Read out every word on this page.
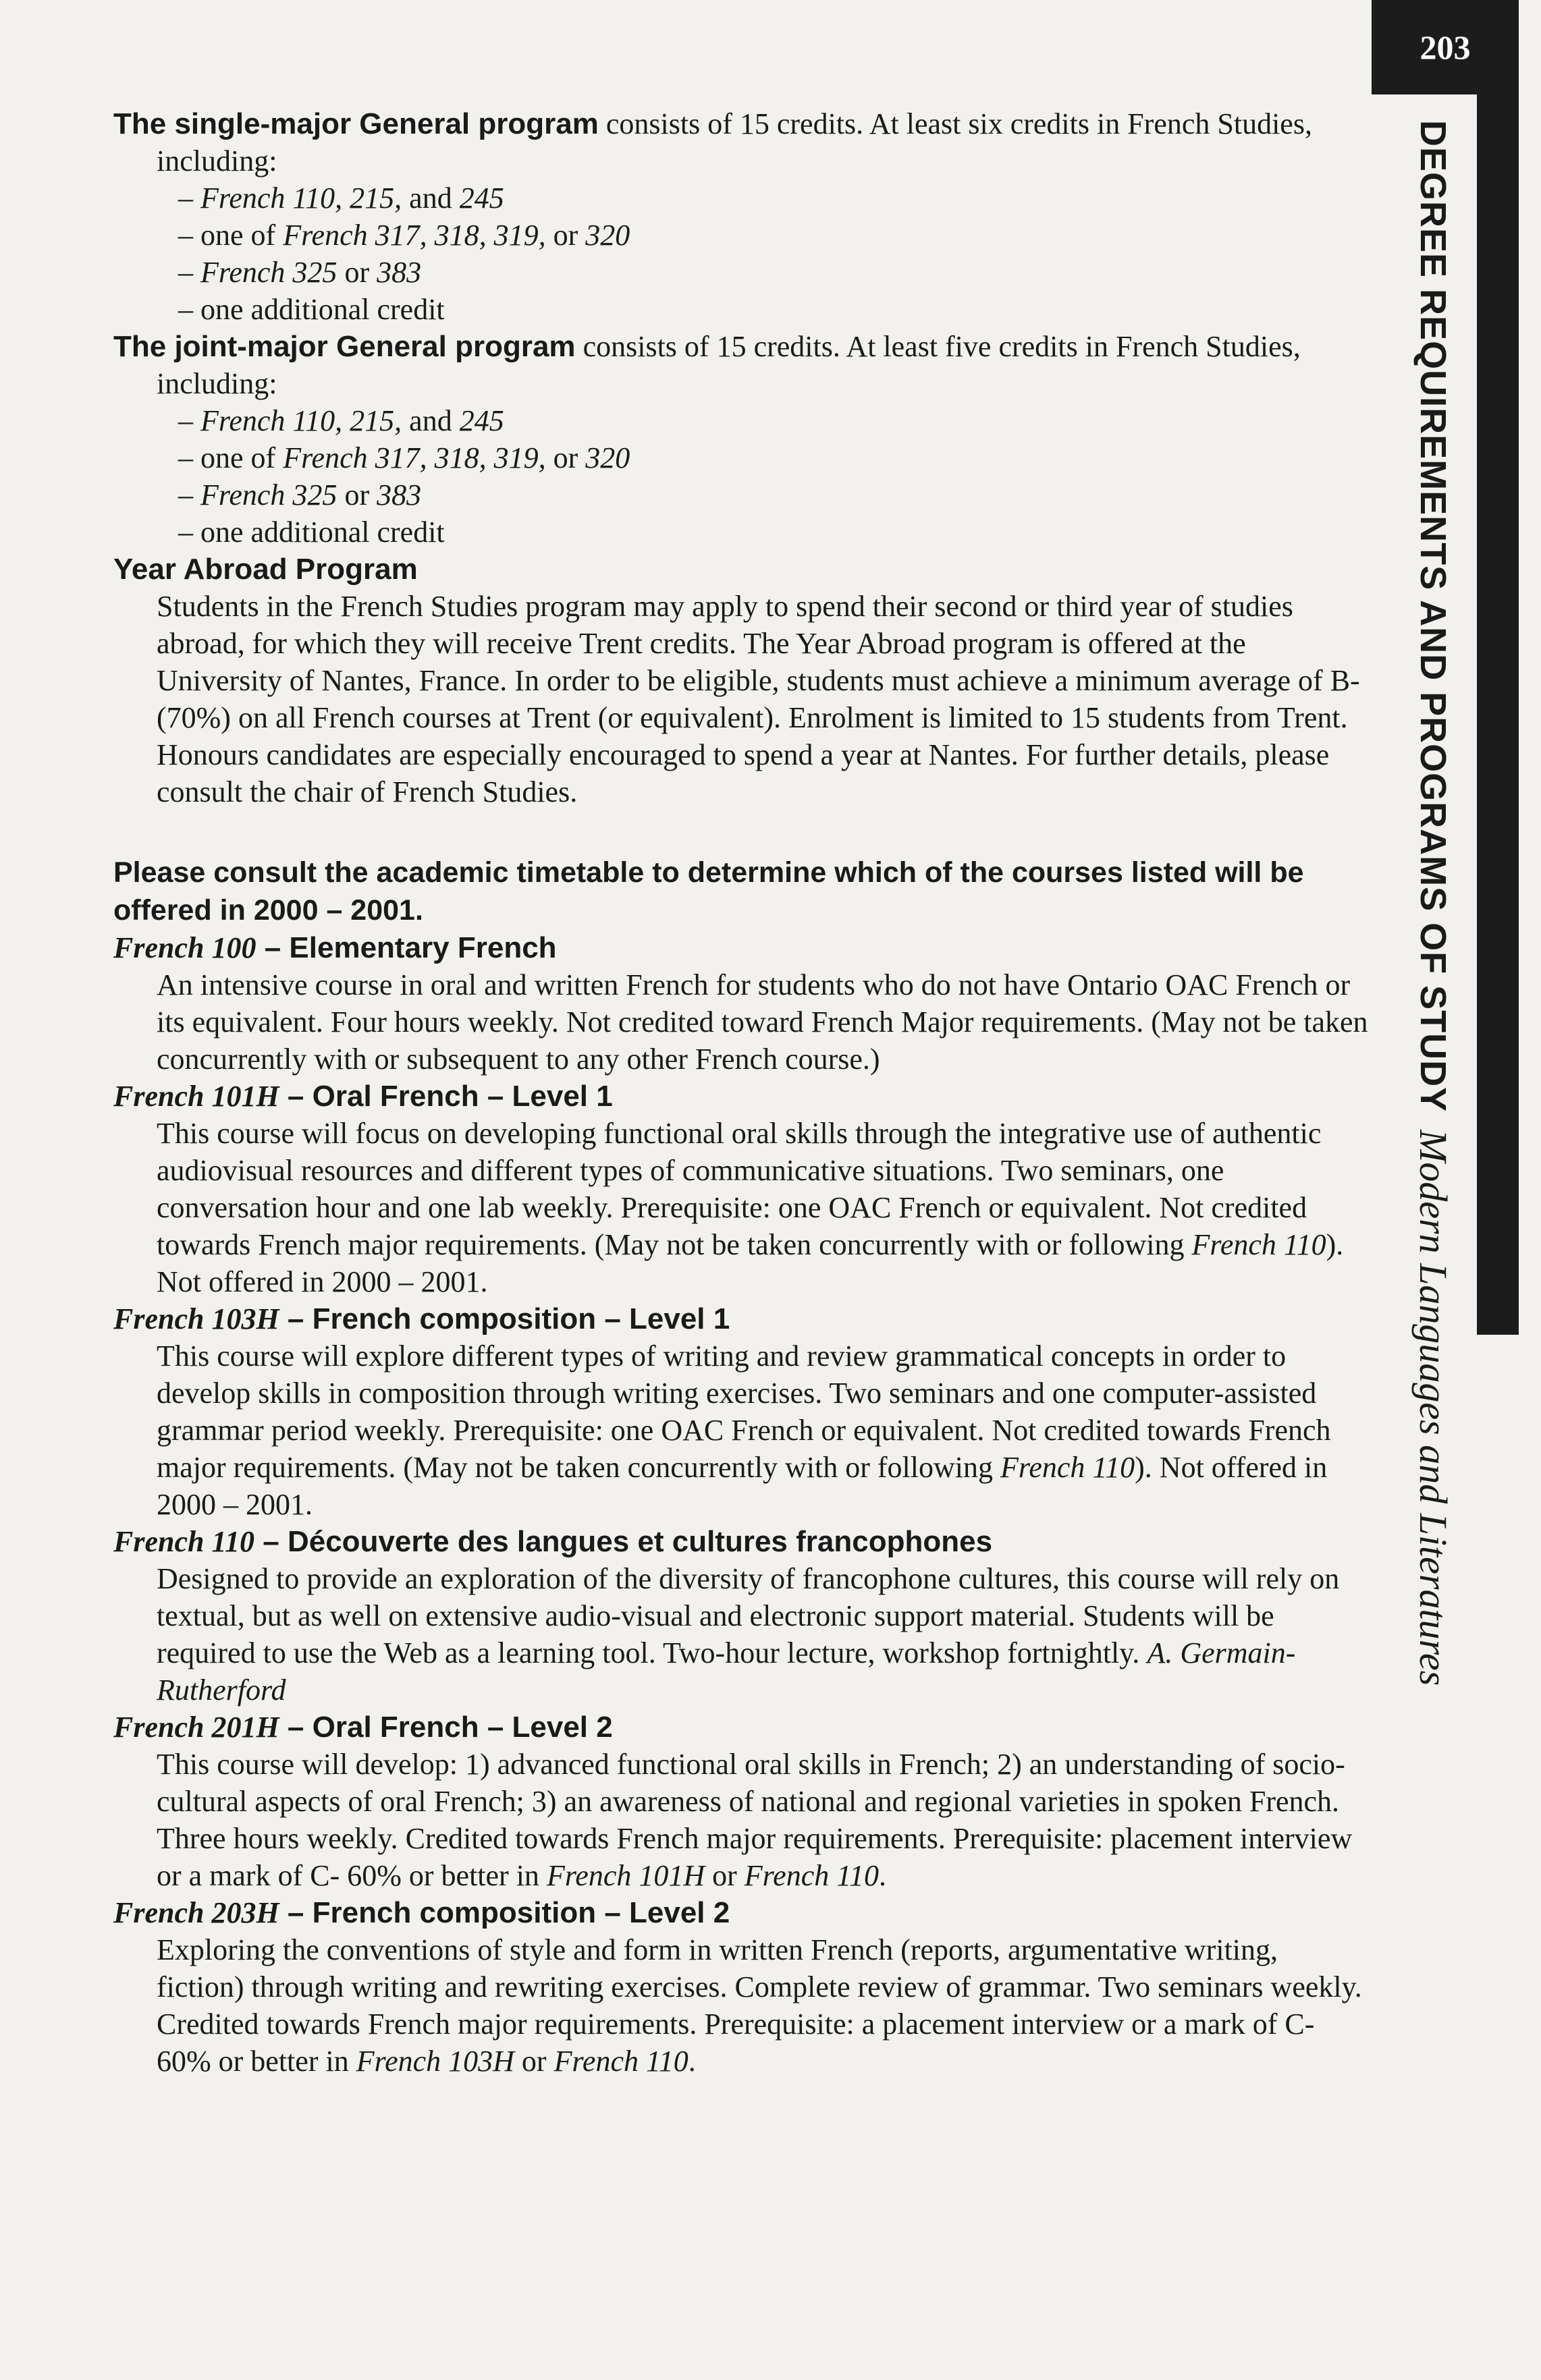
203
DEGREE REQUIREMENTS AND PROGRAMS OF STUDY
Modern Languages and Literatures

The single-major General program consists of 15 credits. At least six credits in French Studies, including:

– French 110, 215, and 245
– one of French 317, 318, 319, or 320
– French 325 or 383
– one additional credit

The joint-major General program consists of 15 credits. At least five credits in French Studies, including:

– French 110, 215, and 245
– one of French 317, 318, 319, or 320
– French 325 or 383
– one additional credit
Year Abroad Program

Students in the French Studies program may apply to spend their second or third year of studies abroad, for which they will receive Trent credits. The Year Abroad program is offered at the University of Nantes, France. In order to be eligible, students must achieve a minimum average of B- (70%) on all French courses at Trent (or equivalent). Enrolment is limited to 15 students from Trent. Honours candidates are especially encouraged to spend a year at Nantes. For further details, please consult the chair of French Studies.

Please consult the academic timetable to determine which of the courses listed will be offered in 2000 – 2001.

French 100 – Elementary French

An intensive course in oral and written French for students who do not have Ontario OAC French or its equivalent. Four hours weekly. Not credited toward French Major requirements. (May not be taken concurrently with or subsequent to any other French course.)

French 101H – Oral French – Level 1

This course will focus on developing functional oral skills through the integrative use of authentic audiovisual resources and different types of communicative situations. Two seminars, one conversation hour and one lab weekly. Prerequisite: one OAC French or equivalent. Not credited towards French major requirements. (May not be taken concurrently with or following French 110). Not offered in 2000 – 2001.

French 103H – French composition – Level 1

This course will explore different types of writing and review grammatical concepts in order to develop skills in composition through writing exercises. Two seminars and one computer-assisted grammar period weekly. Prerequisite: one OAC French or equivalent. Not credited towards French major requirements. (May not be taken concurrently with or following French 110). Not offered in 2000 – 2001.

French 110 – Découverte des langues et cultures francophones

Designed to provide an exploration of the diversity of francophone cultures, this course will rely on textual, but as well on extensive audio-visual and electronic support material. Students will be required to use the Web as a learning tool. Two-hour lecture, workshop fortnightly. A. Germain-Rutherford

French 201H – Oral French – Level 2

This course will develop: 1) advanced functional oral skills in French; 2) an understanding of socio-cultural aspects of oral French; 3) an awareness of national and regional varieties in spoken French. Three hours weekly. Credited towards French major requirements. Prerequisite: placement interview or a mark of C- 60% or better in French 101H or French 110.

French 203H – French composition – Level 2

Exploring the conventions of style and form in written French (reports, argumentative writing, fiction) through writing and rewriting exercises. Complete review of grammar. Two seminars weekly. Credited towards French major requirements. Prerequisite: a placement interview or a mark of C- 60% or better in French 103H or French 110.
